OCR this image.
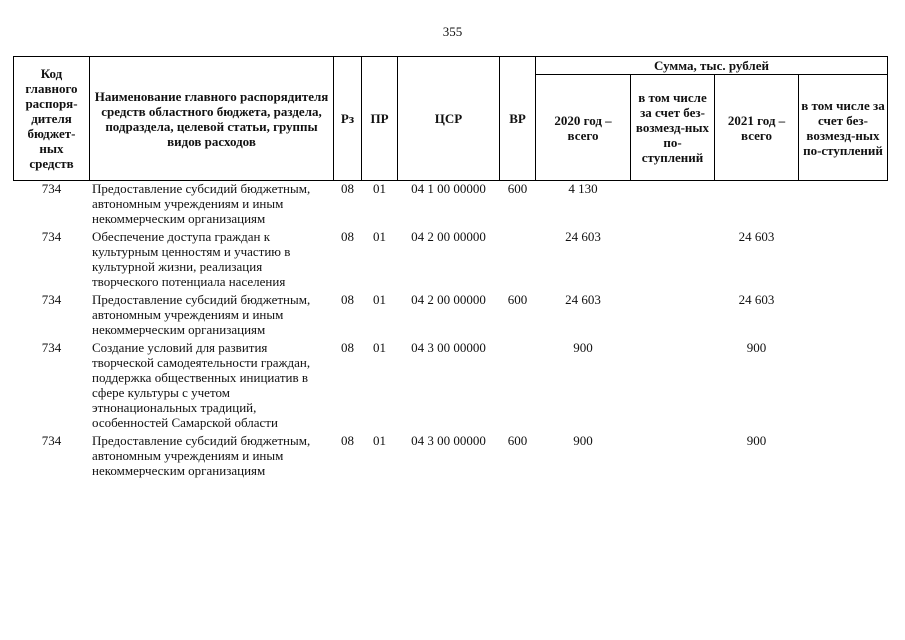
355
Код главного распоря-дителя бюджет-ных средств	Наименование главного распорядителя средств областного бюджета, раздела, подраздела, целевой статьи, группы видов расходов	Рз	ПР	ЦСР	ВР	Сумма, тыс. рублей			
						2020 год – всего	в том числе за счет без-возмезд-ных по-ступлений	2021 год – всего	в том числе за счет без-возмезд-ных по-ступлений
734	Предоставление субсидий бюджетным, автономным учреждениям и иным некоммерческим организациям	08	01	04 1 00 00000	600	4 130			
734	Обеспечение доступа граждан к культурным ценностям и участию в культурной жизни, реализация творческого потенциала населения	08	01	04 2 00 00000		24 603		24 603	
734	Предоставление субсидий бюджетным, автономным учреждениям и иным некоммерческим организациям	08	01	04 2 00 00000	600	24 603		24 603	
734	Создание условий для развития творческой самодеятельности граждан, поддержка общественных инициатив в сфере культуры с учетом этнонациональных традиций, особенностей Самарской области	08	01	04 3 00 00000		900		900	
734	Предоставление субсидий бюджетным, автономным учреждениям и иным некоммерческим организациям	08	01	04 3 00 00000	600	900		900	
